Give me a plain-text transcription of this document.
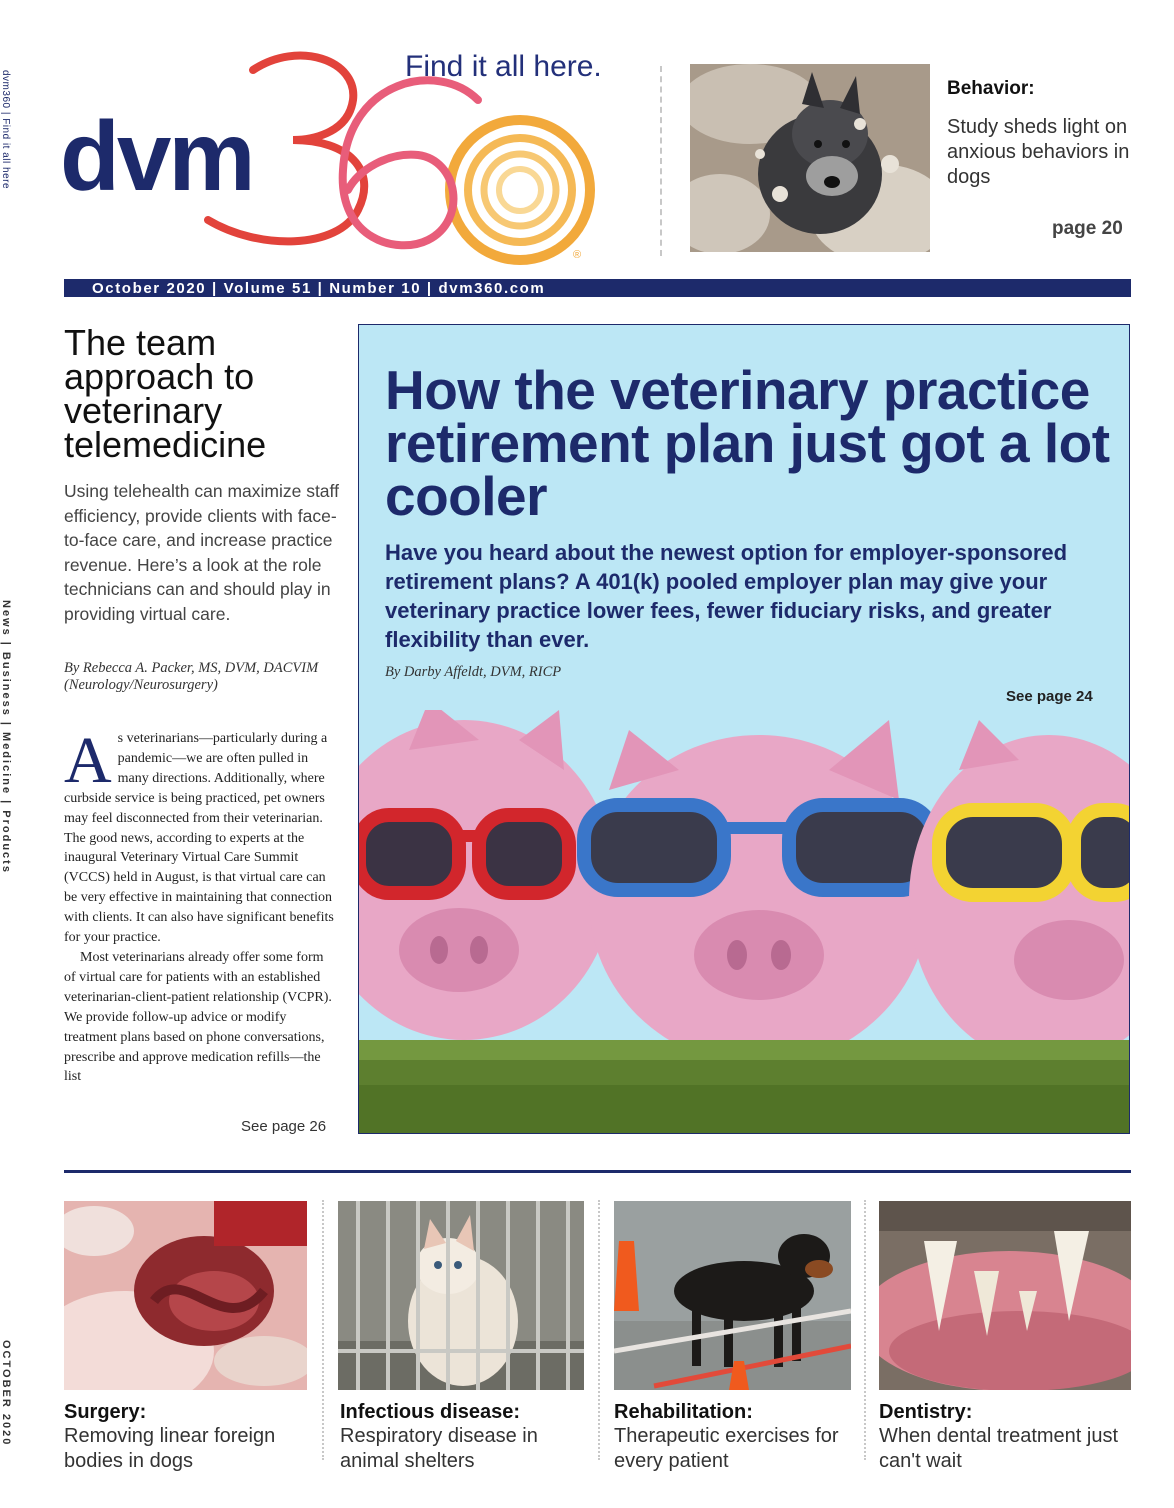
dvm360 | Find it all here
News | Business | Medicine | Products
OCTOBER 2020
dvm
®
Find it all here.
Behavior:
Study sheds light on anxious behaviors in dogs
page 20
October 2020 | Volume 51 | Number 10 | dvm360.com
The team approach to veterinary telemedicine
Using telehealth can maximize staff efficiency, provide clients with face-to-face care, and increase practice revenue. Here’s a look at the role technicians can and should play in providing virtual care.
By Rebecca A. Packer, MS, DVM, DACVIM (Neurology/Neurosurgery)

As veterinarians—particularly during a pandemic—we are often pulled in many directions. Additionally, where curbside service is being practiced, pet owners may feel disconnected from their veterinarian. The good news, according to experts at the inaugural Veterinary Virtual Care Summit (VCCS) held in August, is that virtual care can be very effective in maintaining that connection with clients. It can also have significant benefits for your practice.

Most veterinarians already offer some form of virtual care for patients with an established veterinarian-client-patient relationship (VCPR). We provide follow-up advice or modify treatment plans based on phone conversations, prescribe and approve medication refills—the list

See page 26
How the veterinary practice retirement plan just got a lot cooler
Have you heard about the newest option for employer-sponsored retirement plans? A 401(k) pooled employer plan may give your veterinary practice lower fees, fewer fiduciary risks, and greater flexibility than ever.
By Darby Affeldt, DVM, RICP
See page 24
Surgery:
Removing linear foreign bodies in dogs
Infectious disease:
Respiratory disease in animal shelters
Rehabilitation:
Therapeutic exercises for every patient
Dentistry:
When dental treatment just can't wait
